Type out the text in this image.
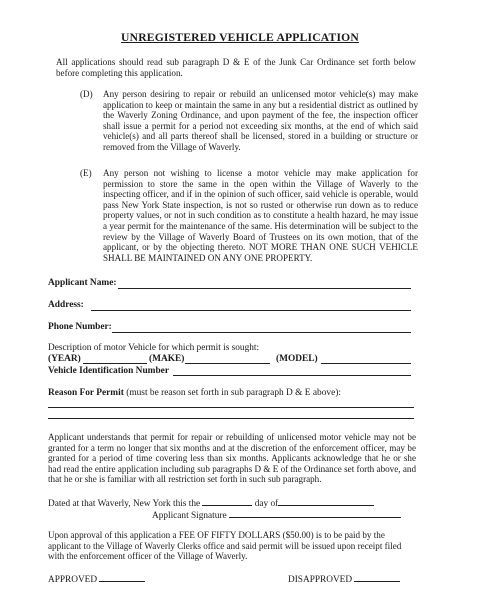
UNREGISTERED VEHICLE APPLICATION
All applications should read sub paragraph D & E of the Junk Car Ordinance set forth below before completing this application.
(D)	Any person desiring to repair or rebuild an unlicensed motor vehicle(s) may make application to keep or maintain the same in any but a residential district as outlined by the Waverly Zoning Ordinance, and upon payment of the fee, the inspection officer shall issue a permit for a period not exceeding six months, at the end of which said vehicle(s) and all parts thereof shall be licensed, stored in a building or structure or removed from the Village of Waverly.
(E)	Any person not wishing to license a motor vehicle may make application for permission to store the same in the open within the Village of Waverly to the inspecting officer, and if in the opinion of such officer, said vehicle is operable, would pass New York State inspection, is not so rusted or otherwise run down as to reduce property values, or not in such condition as to constitute a health hazard, he may issue a year permit for the maintenance of the same. His determination will be subject to the review by the Village of Waverly Board of Trustees on its own motion, that of the applicant, or by the objecting thereto. NOT MORE THAN ONE SUCH VEHICLE SHALL BE MAINTAINED ON ANY ONE PROPERTY.
Applicant Name:
Address:
Phone Number:
Description of motor Vehicle for which permit is sought:
(YEAR)	(MAKE)	(MODEL)
Vehicle Identification Number
Reason For Permit (must be reason set forth in sub paragraph D & E above):
Applicant understands that permit for repair or rebuilding of unlicensed motor vehicle may not be granted for a term no longer that six months and at the discretion of the enforcement officer, may be granted for a period of time covering less than six months. Applicants acknowledge that he or she had read the entire application including sub paragraphs D & E of the Ordinance set forth above, and that he or she is familiar with all restriction set forth in such sub paragraph.
Dated at that Waverly, New York this the	day of
Applicant Signature
Upon approval of this application a FEE OF FIFTY DOLLARS ($50.00) is to be paid by the applicant to the Village of Waverly Clerks office and said permit will be issued upon receipt filed with the enforcement officer of the Village of Waverly.
APPROVED	DISAPPROVED
